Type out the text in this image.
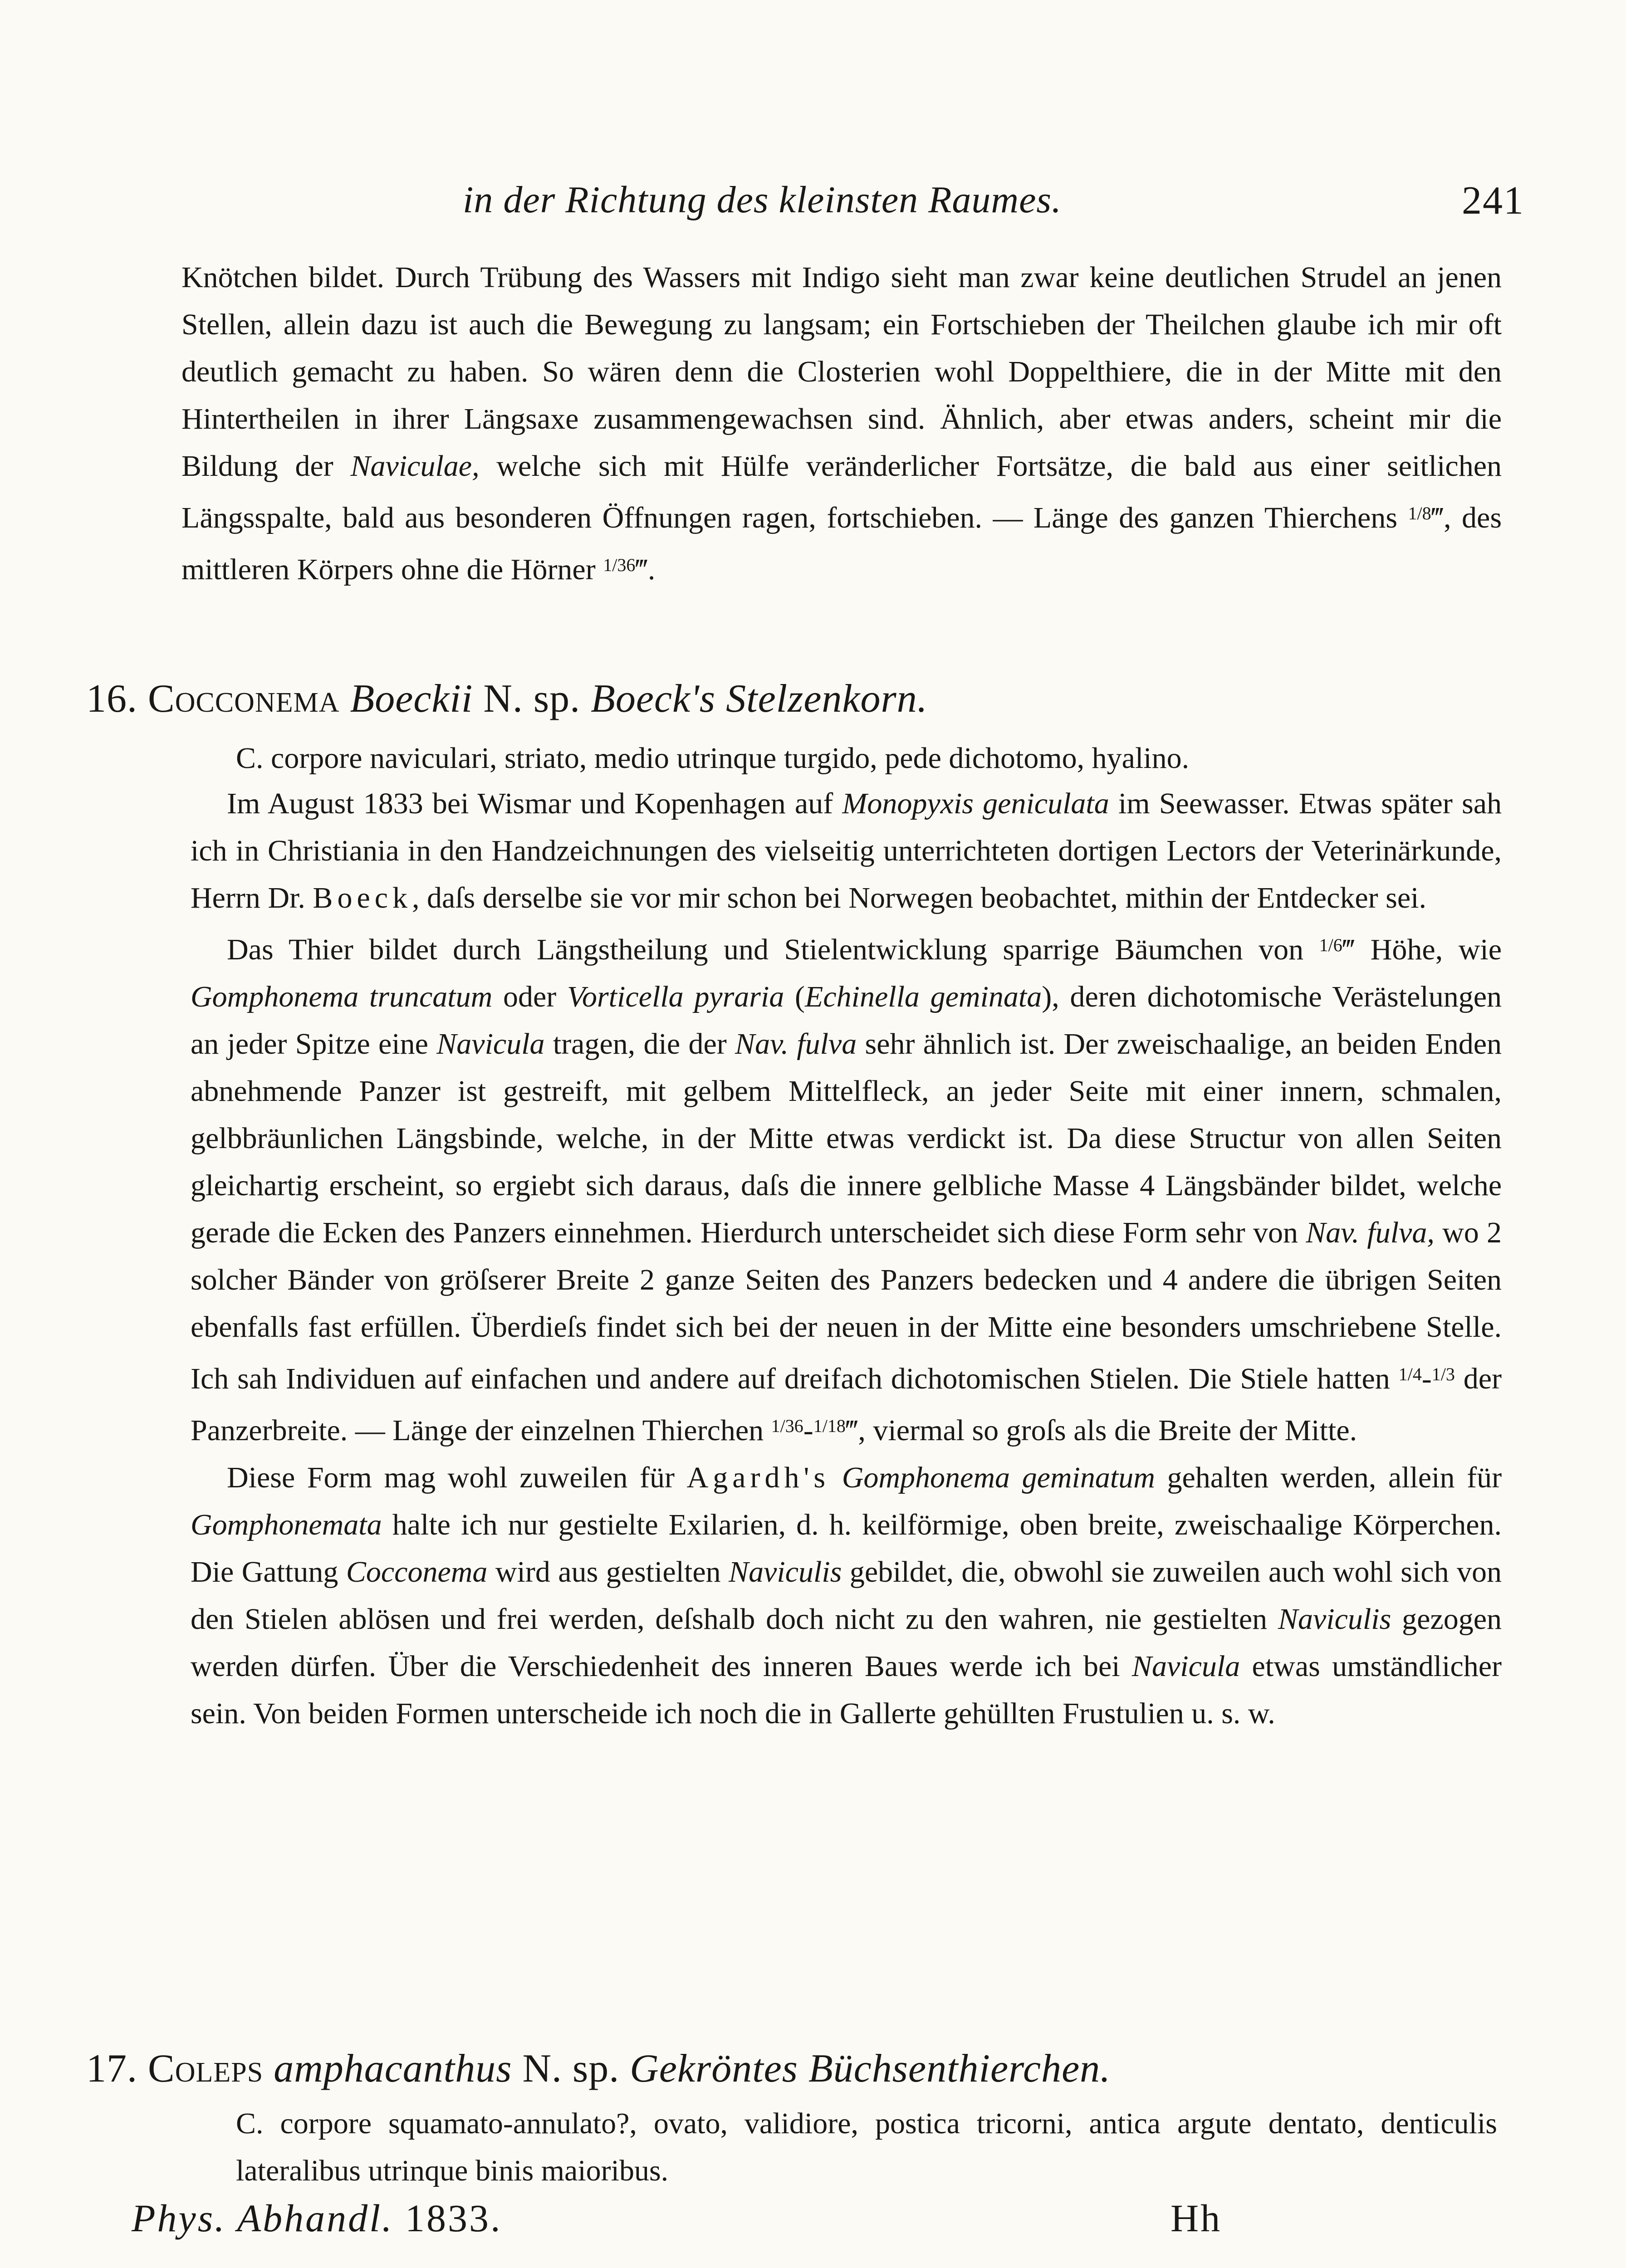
in der Richtung des kleinsten Raumes.	241

Knötchen bildet. Durch Trübung des Wassers mit Indigo sieht man zwar keine deutlichen Strudel an jenen Stellen, allein dazu ist auch die Bewegung zu langsam; ein Fortschieben der Theilchen glaube ich mir oft deutlich gemacht zu haben. So wären denn die Closterien wohl Doppelthiere, die in der Mitte mit den Hintertheilen in ihrer Längsaxe zusammengewachsen sind. Ähnlich, aber etwas anders, scheint mir die Bildung der Naviculae, welche sich mit Hülfe veränderlicher Fortsätze, die bald aus einer seitlichen Längsspalte, bald aus besonderen Öffnungen ragen, fortschieben. — Länge des ganzen Thierchens $^{1/8}$‴, des mittleren Körpers ohne die Hörner $^{1/36}$‴.

16. Cocconema Boeckii N. sp. Boeck's Stelzenkorn.
C. corpore naviculari, striato, medio utrinque turgido, pede dichotomo, hyalino.

Im August 1833 bei Wismar und Kopenhagen auf Monopyxis geniculata im Seewasser. Etwas später sah ich in Christiania in den Handzeichnungen des vielseitig unterrichteten dortigen Lectors der Veterinärkunde, Herrn Dr. Boeck, daſs derselbe sie vor mir schon bei Norwegen beobachtet, mithin der Entdecker sei.

Das Thier bildet durch Längstheilung und Stielentwicklung sparrige Bäumchen von $^{1/6}$‴ Höhe, wie Gomphonema truncatum oder Vorticella pyraria (Echinella geminata), deren dichotomische Verästelungen an jeder Spitze eine Navicula tragen, die der Nav. fulva sehr ähnlich ist. Der zweischaalige, an beiden Enden abnehmende Panzer ist gestreift, mit gelbem Mittelfleck, an jeder Seite mit einer innern, schmalen, gelbbräunlichen Längsbinde, welche, in der Mitte etwas verdickt ist. Da diese Structur von allen Seiten gleichartig erscheint, so ergiebt sich daraus, daſs die innere gelbliche Masse 4 Längsbänder bildet, welche gerade die Ecken des Panzers einnehmen. Hierdurch unterscheidet sich diese Form sehr von Nav. fulva, wo 2 solcher Bänder von gröſserer Breite 2 ganze Seiten des Panzers bedecken und 4 andere die übrigen Seiten ebenfalls fast erfüllen. Überdieſs findet sich bei der neuen in der Mitte eine besonders umschriebene Stelle. Ich sah Individuen auf einfachen und andere auf dreifach dichotomischen Stielen. Die Stiele hatten $^{1/4}$-$^{1/3}$ der Panzerbreite. — Länge der einzelnen Thierchen $^{1/36}$-$^{1/18}$‴, viermal so groſs als die Breite der Mitte.

Diese Form mag wohl zuweilen für Agardh's Gomphonema geminatum gehalten werden, allein für Gomphonemata halte ich nur gestielte Exilarien, d. h. keilförmige, oben breite, zweischaalige Körperchen. Die Gattung Cocconema wird aus gestielten Naviculis gebildet, die, obwohl sie zuweilen auch wohl sich von den Stielen ablösen und frei werden, deſshalb doch nicht zu den wahren, nie gestielten Naviculis gezogen werden dürfen. Über die Verschiedenheit des inneren Baues werde ich bei Navicula etwas umständlicher sein. Von beiden Formen unterscheide ich noch die in Gallerte gehüllten Frustulien u. s. w.

17. Coleps amphacanthus N. sp. Gekröntes Büchsenthierchen.
C. corpore squamato-annulato?, ovato, validiore, postica tricorni, antica argute dentato, denticulis lateralibus utrinque binis maioribus.
Phys. Abhandl. 1833.	Hh
